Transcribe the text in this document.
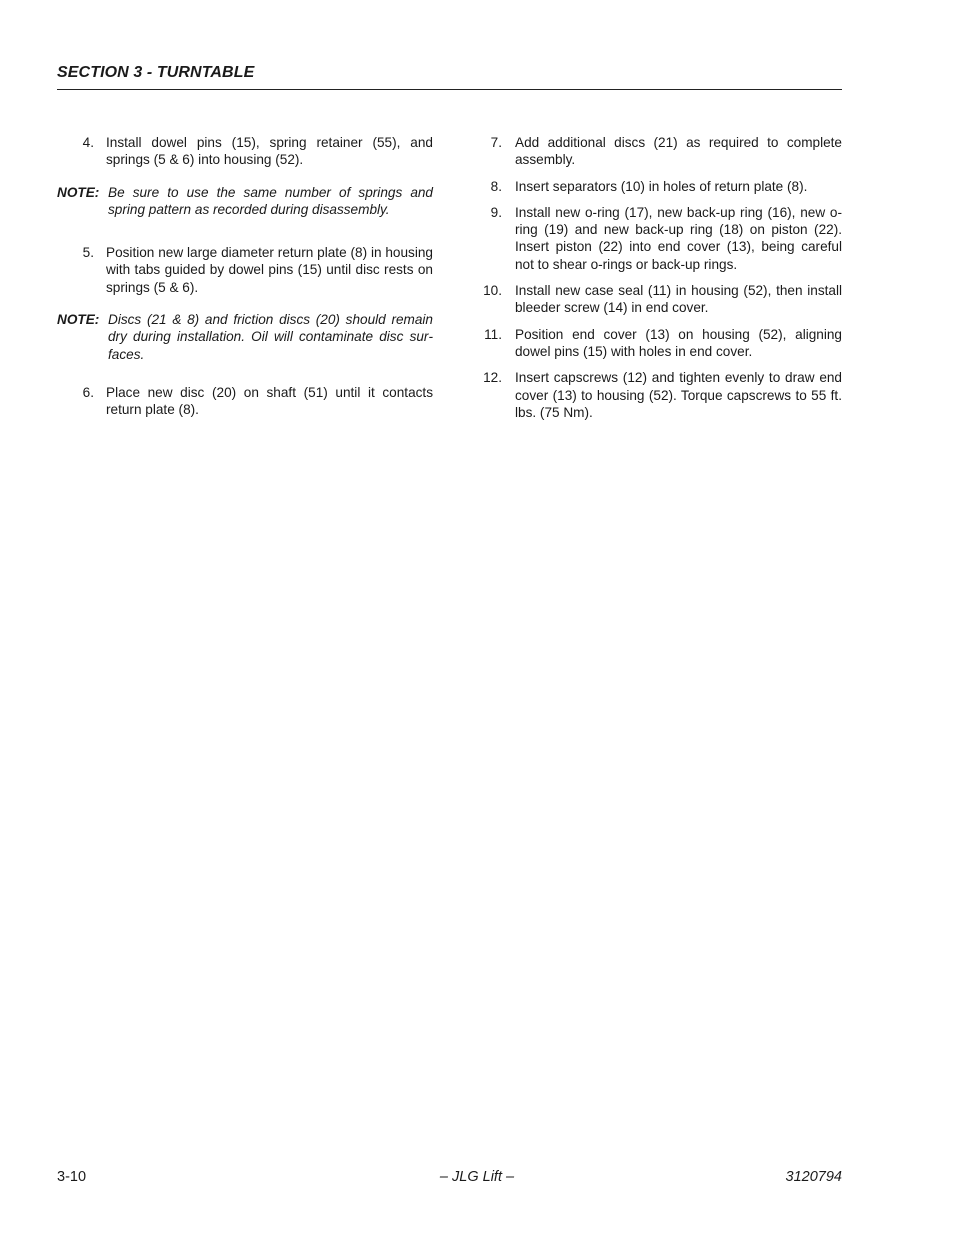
SECTION 3 - TURNTABLE
4. Install dowel pins (15), spring retainer (55), and springs (5 & 6) into housing (52).
NOTE: Be sure to use the same number of springs and spring pattern as recorded during disassembly.
5. Position new large diameter return plate (8) in housing with tabs guided by dowel pins (15) until disc rests on springs (5 & 6).
NOTE: Discs (21 & 8) and friction discs (20) should remain dry during installation. Oil will contaminate disc surfaces.
6. Place new disc (20) on shaft (51) until it contacts return plate (8).
7. Add additional discs (21) as required to complete assembly.
8. Insert separators (10) in holes of return plate (8).
9. Install new o-ring (17), new back-up ring (16), new o-ring (19) and new back-up ring (18) on piston (22). Insert piston (22) into end cover (13), being careful not to shear o-rings or back-up rings.
10. Install new case seal (11) in housing (52), then install bleeder screw (14) in end cover.
11. Position end cover (13) on housing (52), aligning dowel pins (15) with holes in end cover.
12. Insert capscrews (12) and tighten evenly to draw end cover (13) to housing (52). Torque capscrews to 55 ft. lbs. (75 Nm).
3-10	– JLG Lift –	3120794
